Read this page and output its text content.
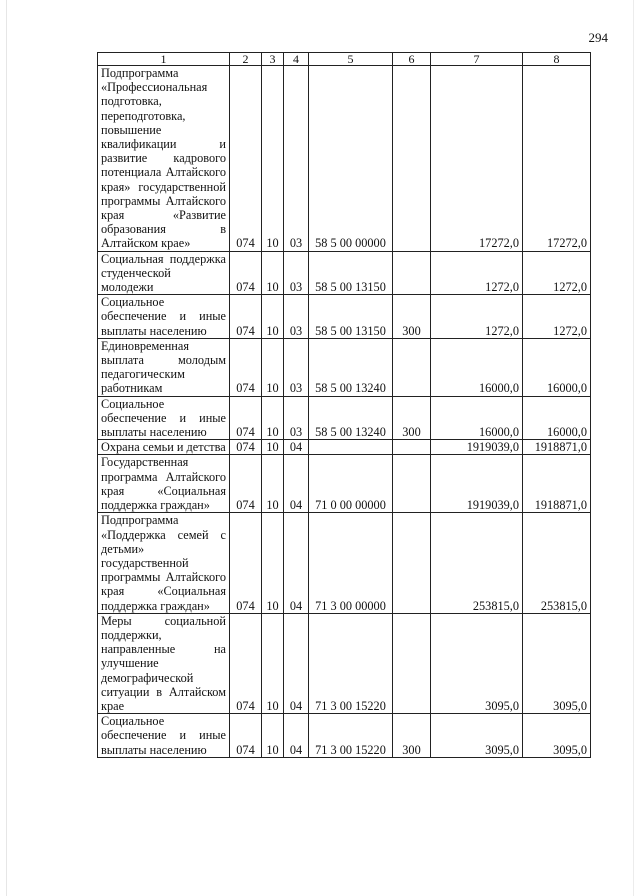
294
1	2	3	4	5	6	7	8
Подпрограмма «Профессиональная подготовка, переподготовка, повышение квалификации и развитие кадрового потенциала Алтайского края» государственной программы Алтайского края «Развитие образования в Алтайском крае»	074	10	03	58 5 00 00000		17272,0	17272,0
Социальная поддержка студенческой молодежи	074	10	03	58 5 00 13150		1272,0	1272,0
Социальное обеспечение и иные выплаты населению	074	10	03	58 5 00 13150	300	1272,0	1272,0
Единовременная выплата молодым педагогическим работникам	074	10	03	58 5 00 13240		16000,0	16000,0
Социальное обеспечение и иные выплаты населению	074	10	03	58 5 00 13240	300	16000,0	16000,0
Охрана семьи и детства	074	10	04			1919039,0	1918871,0
Государственная программа Алтайского края «Социальная поддержка граждан»	074	10	04	71 0 00 00000		1919039,0	1918871,0
Подпрограмма «Поддержка семей с детьми» государственной программы Алтайского края «Социальная поддержка граждан»	074	10	04	71 3 00 00000		253815,0	253815,0
Меры социальной поддержки, направленные на улучшение демографической ситуации в Алтайском крае	074	10	04	71 3 00 15220		3095,0	3095,0
Социальное обеспечение и иные выплаты населению	074	10	04	71 3 00 15220	300	3095,0	3095,0
